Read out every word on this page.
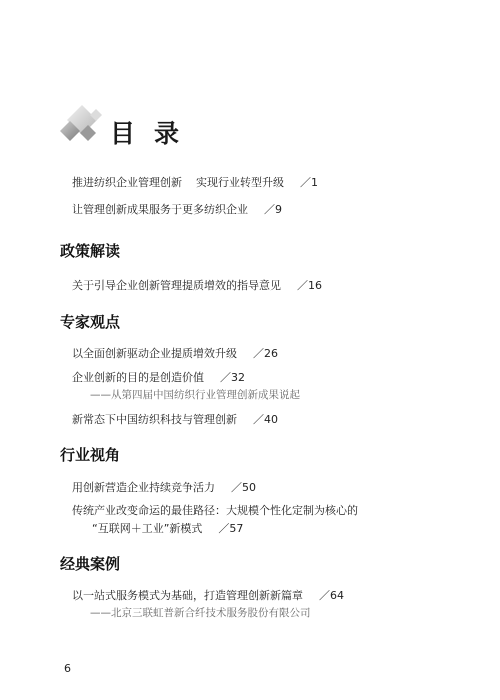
目录
推进纺织企业管理创新 实现行业转型升级 ／1
让管理创新成果服务于更多纺织企业 ／9
政策解读
关于引导企业创新管理提质增效的指导意见 ／16
专家观点
以全面创新驱动企业提质增效升级 ／26
企业创新的目的是创造价值 ／32
——从第四届中国纺织行业管理创新成果说起
新常态下中国纺织科技与管理创新 ／40
行业视角
用创新营造企业持续竞争活力 ／50
传统产业改变命运的最佳路径：大规模个性化定制为核心的
“互联网＋工业”新模式 ／57
经典案例
以一站式服务模式为基础，打造管理创新新篇章 ／64
——北京三联虹普新合纤技术服务股份有限公司
6
